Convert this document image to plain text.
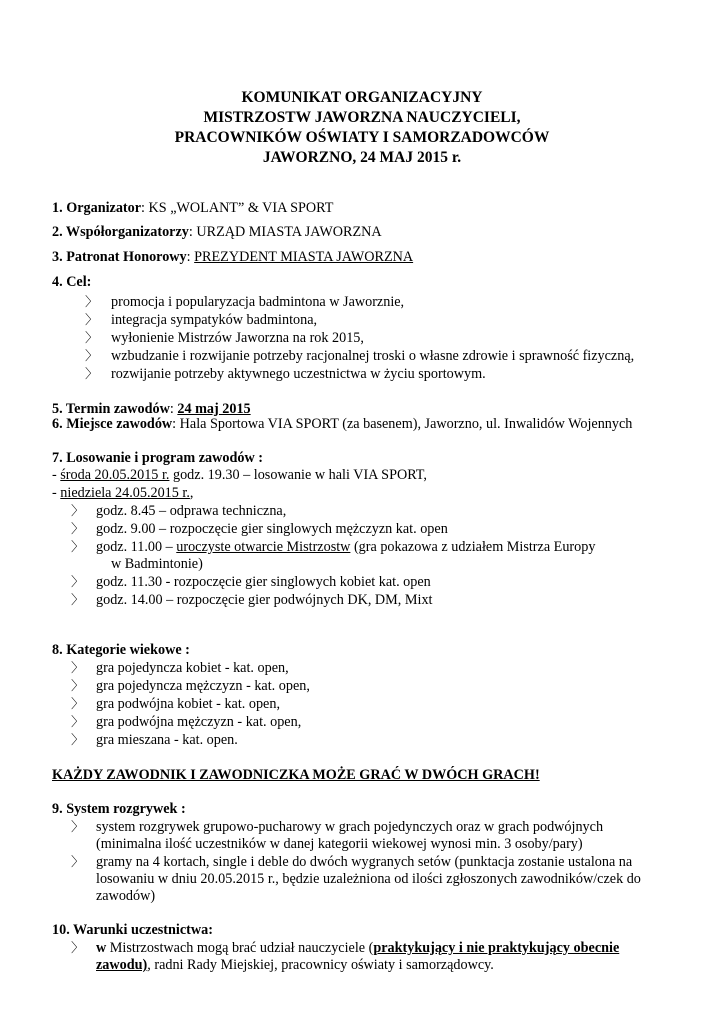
KOMUNIKAT ORGANIZACYJNY
MISTRZOSTW JAWORZNA NAUCZYCIELI,
PRACOWNIKÓW OŚWIATY I SAMORZADOWCÓW
JAWORZNO, 24 MAJ 2015 r.
1. Organizator: KS „WOLANT” & VIA SPORT
2. Współorganizatorzy: URZĄD MIASTA JAWORZNA
3. Patronat Honorowy: PREZYDENT MIASTA JAWORZNA
4. Cel:
〉 promocja i popularyzacja badmintona w Jaworznie,
〉 integracja sympatyków badmintona,
〉 wyłonienie Mistrzów Jaworzna na rok 2015,
〉 wzbudzanie i rozwijanie potrzeby racjonalnej troski o własne zdrowie i sprawność fizyczną,
〉 rozwijanie potrzeby aktywnego uczestnictwa w życiu sportowym.
5. Termin zawodów: 24 maj 2015
6. Miejsce zawodów: Hala Sportowa VIA SPORT (za basenem), Jaworzno, ul. Inwalidów Wojennych
7. Losowanie i program zawodów :
- środa 20.05.2015 r. godz. 19.30 – losowanie w hali VIA SPORT,
- niedziela 24.05.2015 r.,
〉 godz. 8.45 – odprawa techniczna,
〉 godz. 9.00 – rozpoczęcie gier singlowych mężczyzn kat. open
〉 godz. 11.00 – uroczyste otwarcie Mistrzostw (gra pokazowa z udziałem Mistrza Europy
w Badmintonie)
〉 godz. 11.30 - rozpoczęcie gier singlowych kobiet kat. open
〉 godz. 14.00 – rozpoczęcie gier podwójnych DK, DM, Mixt
8. Kategorie wiekowe :
〉 gra pojedyncza kobiet - kat. open,
〉 gra pojedyncza mężczyzn - kat. open,
〉 gra podwójna kobiet - kat. open,
〉 gra podwójna mężczyzn - kat. open,
〉 gra mieszana - kat. open.
KAŻDY ZAWODNIK I ZAWODNICZKA MOŻE GRAĆ W DWÓCH GRACH!
9. System rozgrywek :
〉 system rozgrywek grupowo-pucharowy w grach pojedynczych oraz w grach podwójnych
(minimalna ilość uczestników w danej kategorii wiekowej wynosi min. 3 osoby/pary)
〉 gramy na 4 kortach, single i deble do dwóch wygranych setów (punktacja zostanie ustalona na
losowaniu w dniu 20.05.2015 r., będzie uzależniona od ilości zgłoszonych zawodników/czek do
zawodów)
10. Warunki uczestnictwa:
〉 w Mistrzostwach mogą brać udział nauczyciele (praktykujący i nie praktykujący obecnie
zawodu), radni Rady Miejskiej, pracownicy oświaty i samorządowcy.
